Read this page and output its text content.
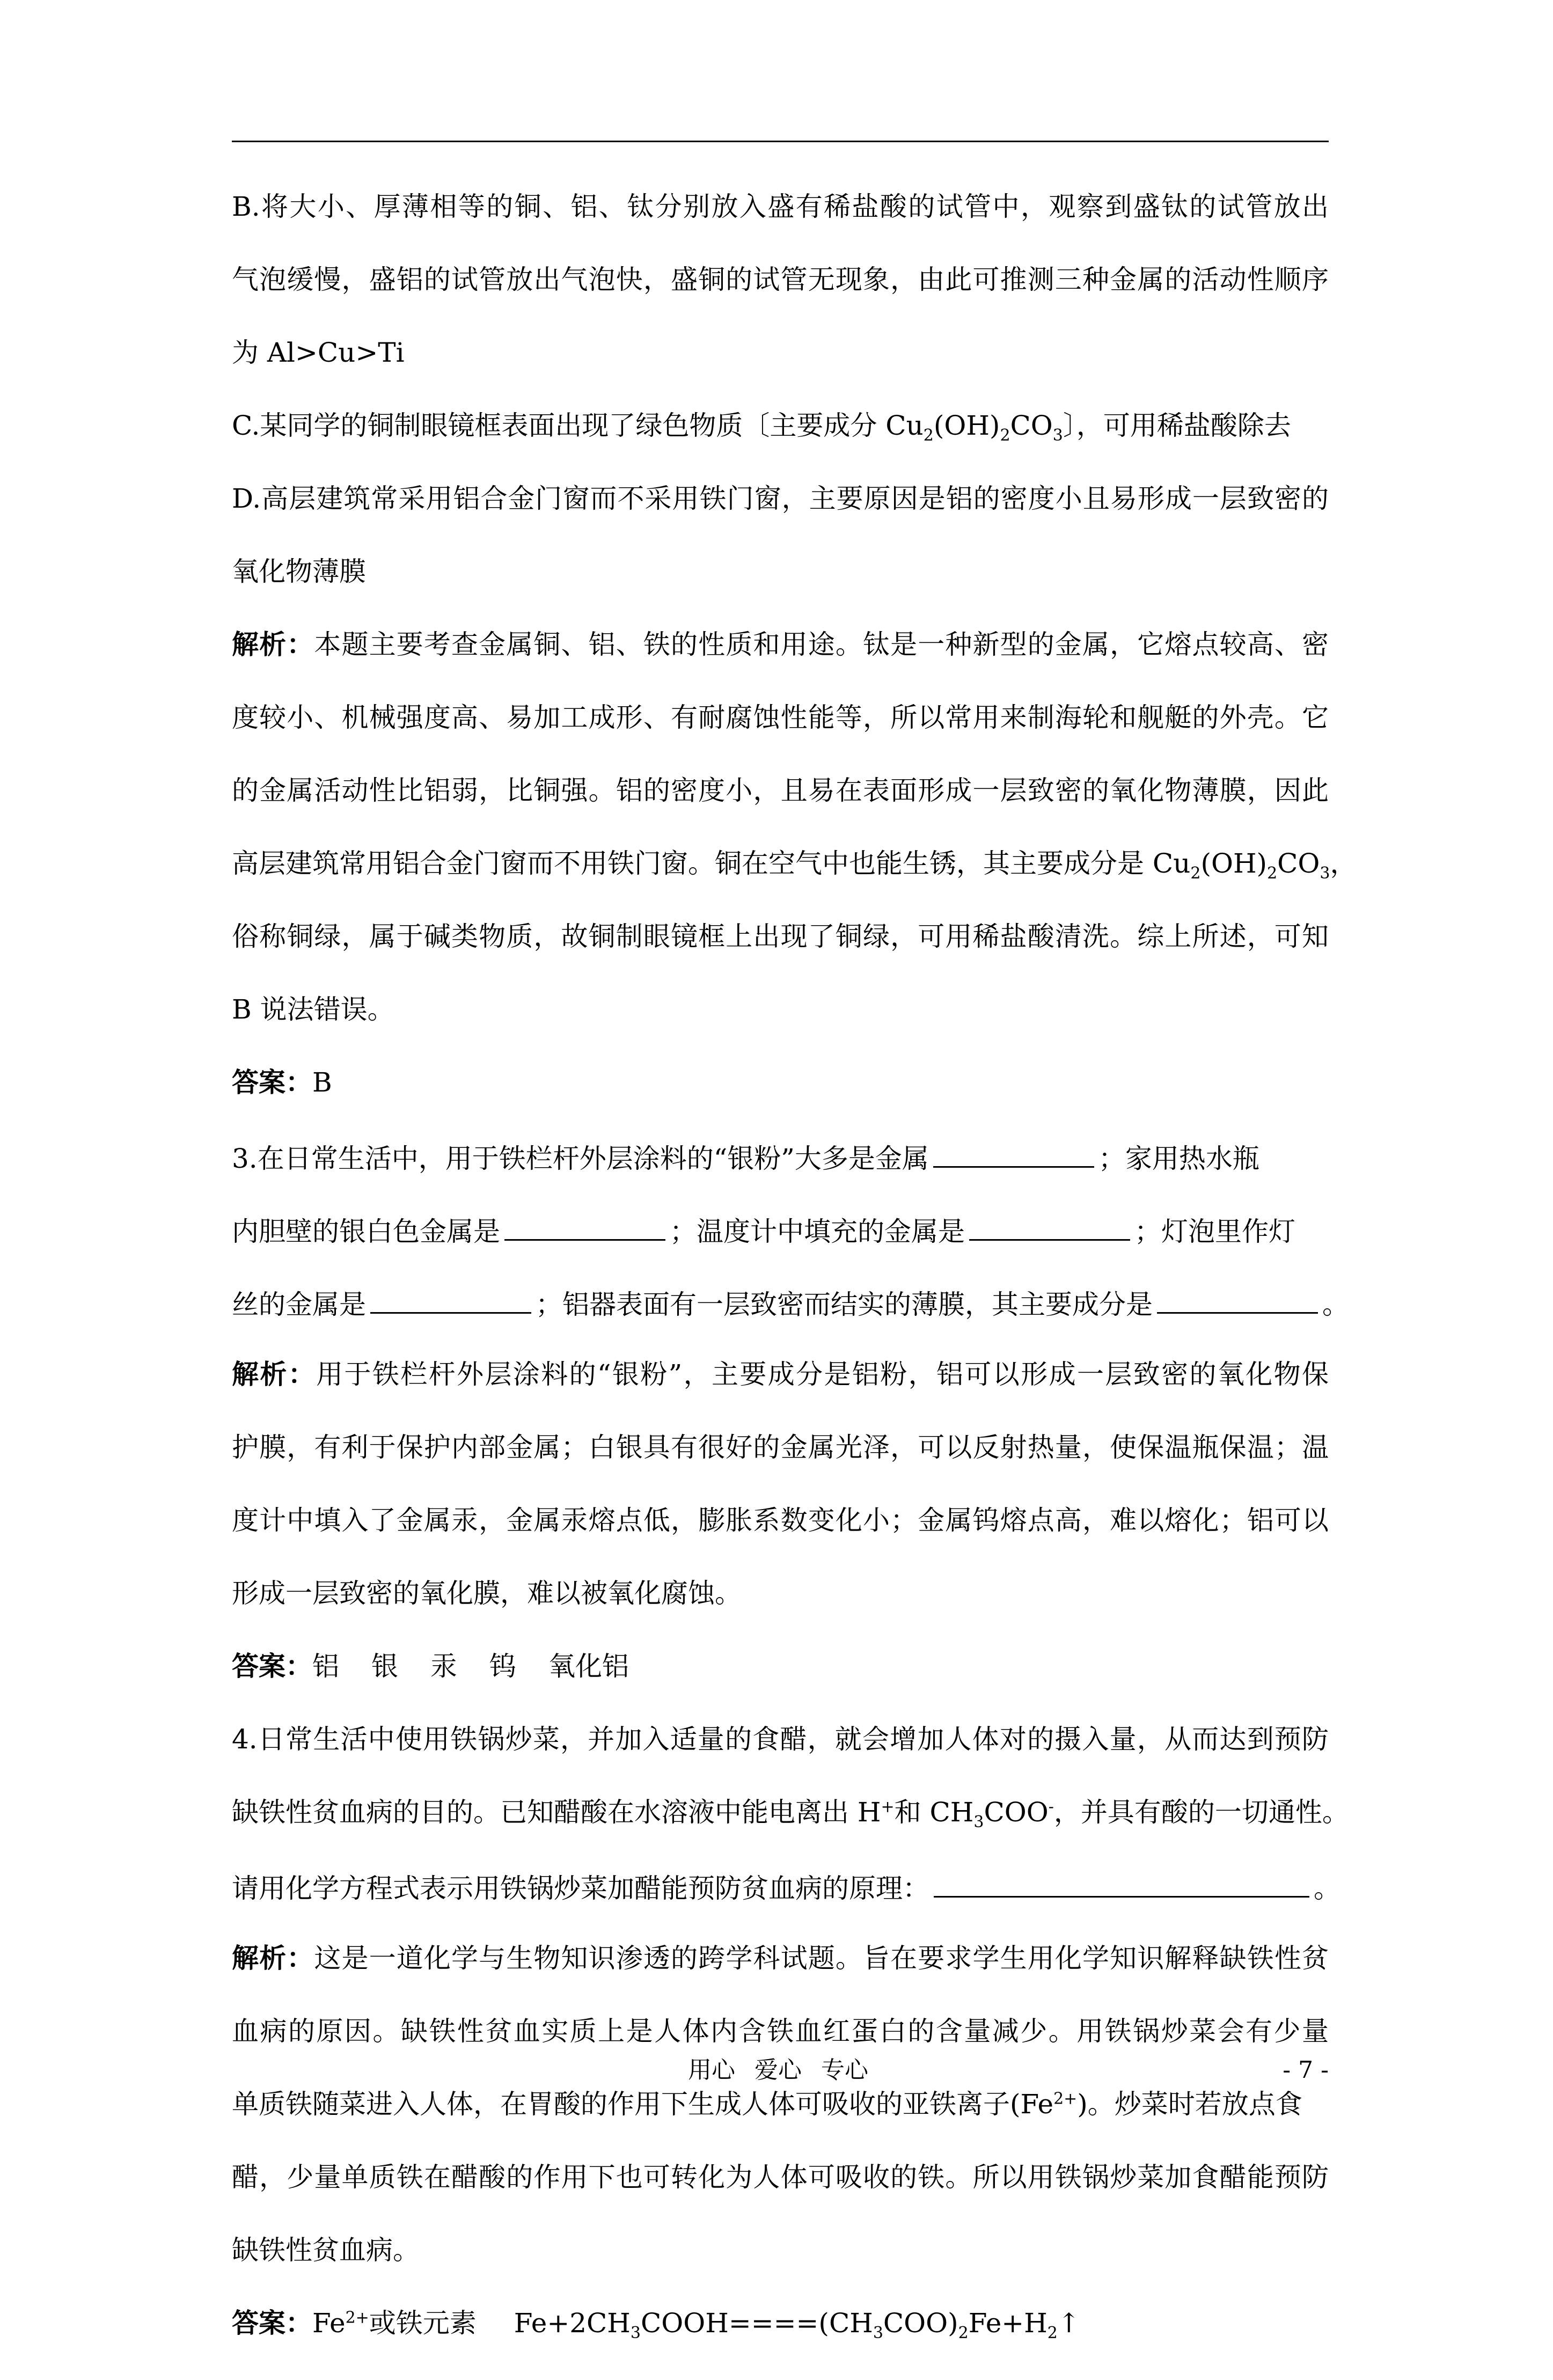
B.将大小、厚薄相等的铜、铝、钛分别放入盛有稀盐酸的试管中，观察到盛钛的试管放出
气泡缓慢，盛铝的试管放出气泡快，盛铜的试管无现象，由此可推测三种金属的活动性顺序
为 Al>Cu>Ti
C.某同学的铜制眼镜框表面出现了绿色物质〔主要成分 $Cu_2(OH)_2CO_3$〕，可用稀盐酸除去
D.高层建筑常采用铝合金门窗而不采用铁门窗，主要原因是铝的密度小且易形成一层致密的
氧化物薄膜
解析：本题主要考查金属铜、铝、铁的性质和用途。钛是一种新型的金属，它熔点较高、密
度较小、机械强度高、易加工成形、有耐腐蚀性能等，所以常用来制海轮和舰艇的外壳。它
的金属活动性比铝弱，比铜强。铝的密度小，且易在表面形成一层致密的氧化物薄膜，因此
高层建筑常用铝合金门窗而不用铁门窗。铜在空气中也能生锈，其主要成分是 $Cu_2(OH)_2CO_3$，
俗称铜绿，属于碱类物质，故铜制眼镜框上出现了铜绿，可用稀盐酸清洗。综上所述，可知
B 说法错误。
答案：B
3.在日常生活中，用于铁栏杆外层涂料的“银粉”大多是金属	；家用热水瓶
内胆壁的银白色金属是	；温度计中填充的金属是	；灯泡里作灯
丝的金属是	；铝器表面有一层致密而结实的薄膜，其主要成分是	。
解析：用于铁栏杆外层涂料的“银粉”，主要成分是铝粉，铝可以形成一层致密的氧化物保
护膜，有利于保护内部金属；白银具有很好的金属光泽，可以反射热量，使保温瓶保温；温
度计中填入了金属汞，金属汞熔点低，膨胀系数变化小；金属钨熔点高，难以熔化；铝可以
形成一层致密的氧化膜，难以被氧化腐蚀。
答案：铝 银 汞 钨 氧化铝
4.日常生活中使用铁锅炒菜，并加入适量的食醋，就会增加人体对的摄入量，从而达到预防
缺铁性贫血病的目的。已知醋酸在水溶液中能电离出 H+和 $CH_3COO^-$，并具有酸的一切通性。
请用化学方程式表示用铁锅炒菜加醋能预防贫血病的原理：	。
解析：这是一道化学与生物知识渗透的跨学科试题。旨在要求学生用化学知识解释缺铁性贫
血病的原因。缺铁性贫血实质上是人体内含铁血红蛋白的含量减少。用铁锅炒菜会有少量
单质铁随菜进入人体，在胃酸的作用下生成人体可吸收的亚铁离子$(Fe^{2+})$。炒菜时若放点食
醋，少量单质铁在醋酸的作用下也可转化为人体可吸收的铁。所以用铁锅炒菜加食醋能预防
缺铁性贫血病。
答案：$Fe^{2+}$或铁元素 $Fe+2CH_3COOH====(CH_3COO)_2Fe+H_2↑$
用心 爱心 专心	- 7 -
